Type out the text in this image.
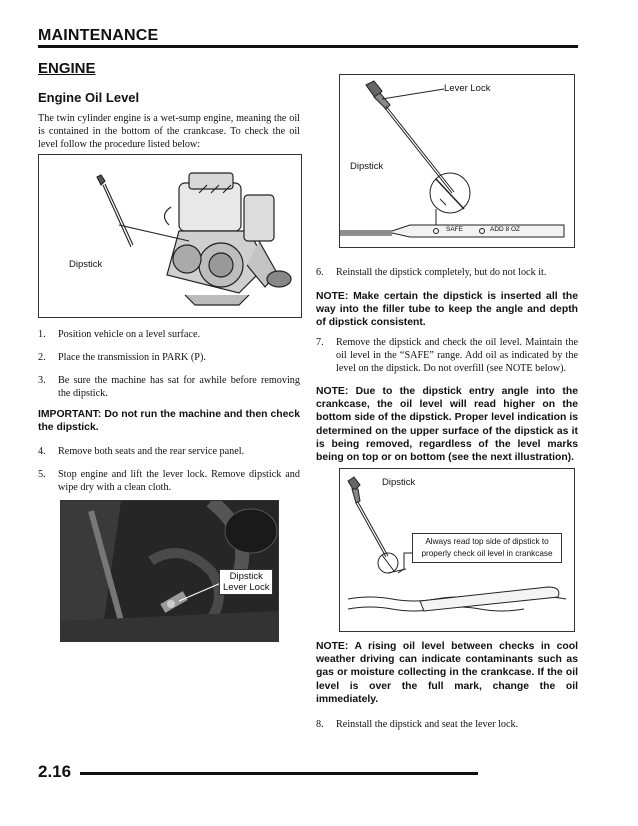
MAINTENANCE
ENGINE
Engine Oil Level

The twin cylinder engine is a wet-sump engine, meaning the oil is contained in the bottom of the crankcase. To check the oil level follow the procedure listed below:

Dipstick
1. Position vehicle on a level surface.
2. Place the transmission in PARK (P).
3. Be sure the machine has sat for awhile before removing the dipstick.
IMPORTANT: Do not run the machine and then check the dipstick.
4. Remove both seats and the rear service panel.
5. Stop engine and lift the lever lock. Remove dipstick and wipe dry with a clean cloth.
Dipstick
Lever Lock
Lever Lock
Dipstick
SAFE	ADD 8 OZ
6. Reinstall the dipstick completely, but do not lock it.
NOTE: Make certain the dipstick is inserted all the way into the filler tube to keep the angle and depth of dipstick consistent.
7. Remove the dipstick and check the oil level. Maintain the oil level in the “SAFE” range. Add oil as indicated by the level on the dipstick. Do not overfill (see NOTE below).
NOTE: Due to the dipstick entry angle into the crankcase, the oil level will read higher on the bottom side of the dipstick. Proper level indication is determined on the upper surface of the dipstick as it is being removed, regardless of the level marks being on top or on bottom (see the next illustration).
Dipstick
Always read top side of dipstick to
properly check oil level in crankcase
NOTE: A rising oil level between checks in cool weather driving can indicate contaminants such as gas or moisture collecting in the crankcase. If the oil level is over the full mark, change the oil immediately.
8. Reinstall the dipstick and seat the lever lock.
2.16
